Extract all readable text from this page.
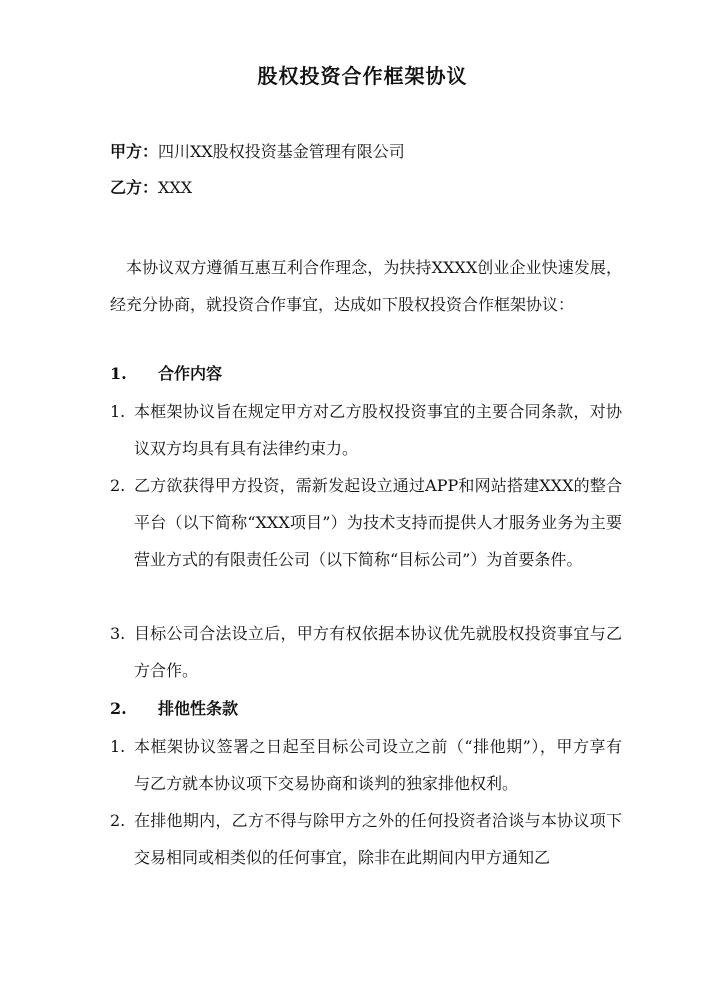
股权投资合作框架协议
甲方：四川XX股权投资基金管理有限公司
乙方：XXX
本协议双方遵循互惠互利合作理念，为扶持XXXX创业企业快速发展，经充分协商，就投资合作事宜，达成如下股权投资合作框架协议：
1. 合作内容
1. 本框架协议旨在规定甲方对乙方股权投资事宜的主要合同条款，对协议双方均具有具有法律约束力。
2. 乙方欲获得甲方投资，需新发起设立通过APP和网站搭建XXX的整合平台（以下简称“XXX项目”）为技术支持而提供人才服务业务为主要营业方式的有限责任公司（以下简称“目标公司”）为首要条件。
3. 目标公司合法设立后，甲方有权依据本协议优先就股权投资事宜与乙方合作。
2. 排他性条款
1. 本框架协议签署之日起至目标公司设立之前（“排他期”），甲方享有与乙方就本协议项下交易协商和谈判的独家排他权利。
2. 在排他期内，乙方不得与除甲方之外的任何投资者洽谈与本协议项下交易相同或相类似的任何事宜，除非在此期间内甲方通知乙
